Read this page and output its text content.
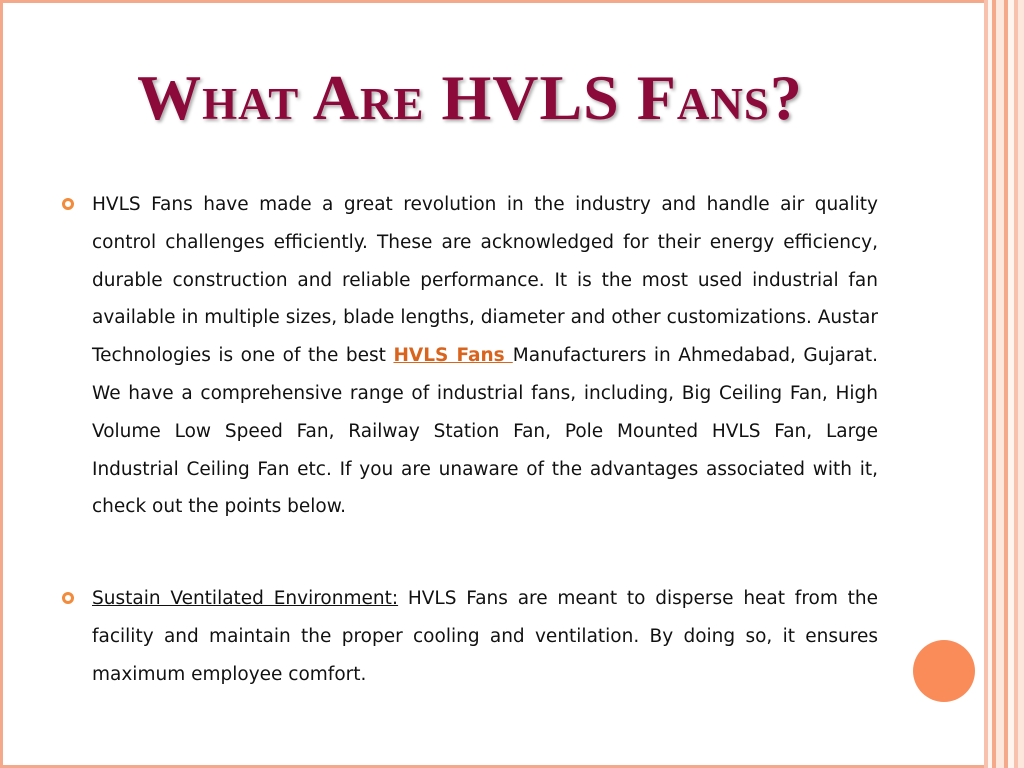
What Are HVLS Fans?
HVLS Fans have made a great revolution in the industry and handle air quality control challenges efficiently. These are acknowledged for their energy efficiency, durable construction and reliable performance. It is the most used industrial fan available in multiple sizes, blade lengths, diameter and other customizations. Austar Technologies is one of the best HVLS Fans Manufacturers in Ahmedabad, Gujarat. We have a comprehensive range of industrial fans, including, Big Ceiling Fan, High Volume Low Speed Fan, Railway Station Fan, Pole Mounted HVLS Fan, Large Industrial Ceiling Fan etc. If you are unaware of the advantages associated with it, check out the points below.
Sustain Ventilated Environment: HVLS Fans are meant to disperse heat from the facility and maintain the proper cooling and ventilation. By doing so, it ensures maximum employee comfort.
